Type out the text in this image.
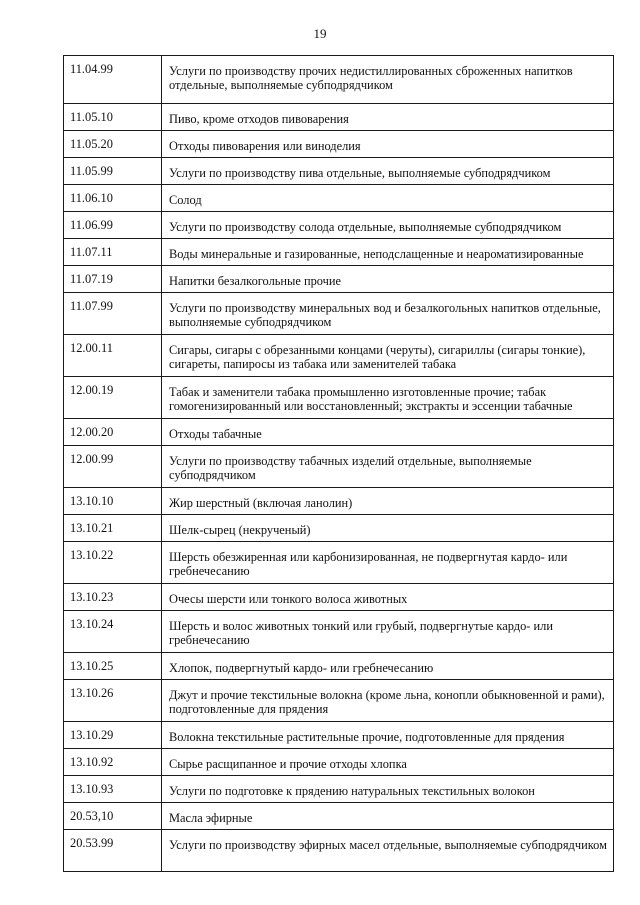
19
11.04.99	Услуги по производству прочих недистиллированных сброженных напитков отдельные, выполняемые субподрядчиком
11.05.10	Пиво, кроме отходов пивоварения
11.05.20	Отходы пивоварения или виноделия
11.05.99	Услуги по производству пива отдельные, выполняемые субподрядчиком
11.06.10	Солод
11.06.99	Услуги по производству солода отдельные, выполняемые субподрядчиком
11.07.11	Воды минеральные и газированные, неподслащенные и неароматизированные
11.07.19	Напитки безалкогольные прочие
11.07.99	Услуги по производству минеральных вод и безалкогольных напитков отдельные, выполняемые субподрядчиком
12.00.11	Сигары, сигары с обрезанными концами (черуты), сигариллы (сигары тонкие), сигареты, папиросы из табака или заменителей табака
12.00.19	Табак и заменители табака промышленно изготовленные прочие; табак гомогенизированный или восстановленный; экстракты и эссенции табачные
12.00.20	Отходы табачные
12.00.99	Услуги по производству табачных изделий отдельные, выполняемые субподрядчиком
13.10.10	Жир шерстный (включая ланолин)
13.10.21	Шелк-сырец (некрученый)
13.10.22	Шерсть обезжиренная или карбонизированная, не подвергнутая кардо- или гребнечесанию
13.10.23	Очесы шерсти или тонкого волоса животных
13.10.24	Шерсть и волос животных тонкий или грубый, подвергнутые кардо- или гребнечесанию
13.10.25	Хлопок, подвергнутый кардо- или гребнечесанию
13.10.26	Джут и прочие текстильные волокна (кроме льна, конопли обыкновенной и рами), подготовленные для прядения
13.10.29	Волокна текстильные растительные прочие, подготовленные для прядения
13.10.92	Сырье расщипанное и прочие отходы хлопка
13.10.93	Услуги по подготовке к прядению натуральных текстильных волокон
20.53,10	Масла эфирные
20.53.99	Услуги по производству эфирных масел отдельные, выполняемые субподрядчиком
